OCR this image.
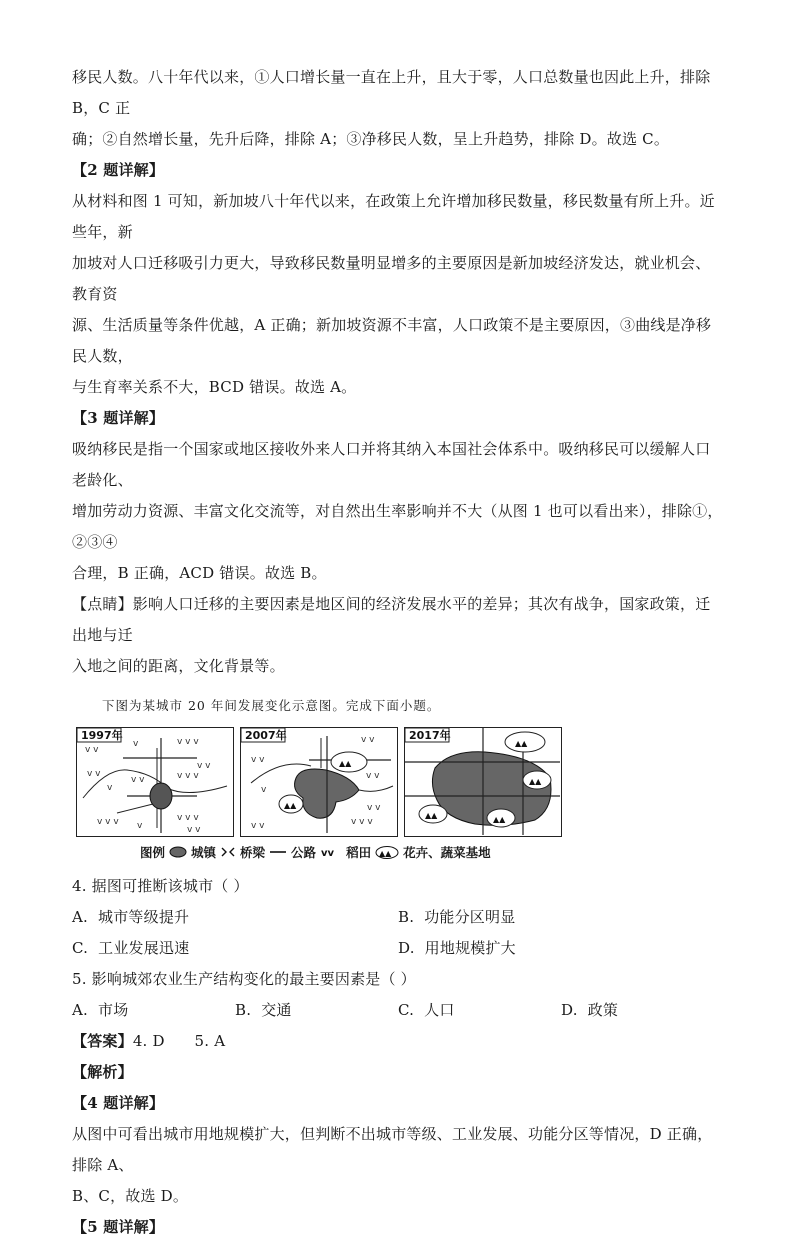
移民人数。八十年代以来，①人口增长量一直在上升，且大于零，人口总数量也因此上升，排除 B，C 正

确；②自然增长量，先升后降，排除 A；③净移民人数，呈上升趋势，排除 D。故选 C。

【2 题详解】

从材料和图 1 可知，新加坡八十年代以来，在政策上允许增加移民数量，移民数量有所上升。近些年，新

加坡对人口迁移吸引力更大，导致移民数量明显增多的主要原因是新加坡经济发达，就业机会、教育资

源、生活质量等条件优越，A 正确；新加坡资源不丰富，人口政策不是主要原因，③曲线是净移民人数，

与生育率关系不大，BCD 错误。故选 A。

【3 题详解】

吸纳移民是指一个国家或地区接收外来人口并将其纳入本国社会体系中。吸纳移民可以缓解人口老龄化、

增加劳动力资源、丰富文化交流等，对自然出生率影响并不大（从图 1 也可以看出来），排除①，②③④

合理，B 正确，ACD 错误。故选 B。

【点睛】影响人口迁移的主要因素是地区间的经济发展水平的差异；其次有战争，国家政策，迁出地与迁

入地之间的距离，文化背景等。

下图为某城市 20 年间发展变化示意图。完成下面小题。

v v
v v v
v v
v v	v v v
v v v	v v v
v
v v
v
v v
v
1997年
▲▲
▲▲
v v
v v
v v
v v	v v v
v
v v
2007年
▲▲
▲▲
▲▲	▲▲
2017年
图例 城镇 桥梁 公路 vv 稻田 ▲▲ 花卉、蔬菜基地

4. 据图可推断该城市（ ）

A. 城市等级提升	B. 功能分区明显

C. 工业发展迅速	D. 用地规模扩大

5. 影响城郊农业生产结构变化的最主要因素是（ ）

A. 市场	B. 交通	C. 人口	D. 政策

【答案】4. D      5. A

【解析】

【4 题详解】

从图中可看出城市用地规模扩大，但判断不出城市等级、工业发展、功能分区等情况，D 正确，排除 A、

B、C，故选 D。

【5 题详解】
